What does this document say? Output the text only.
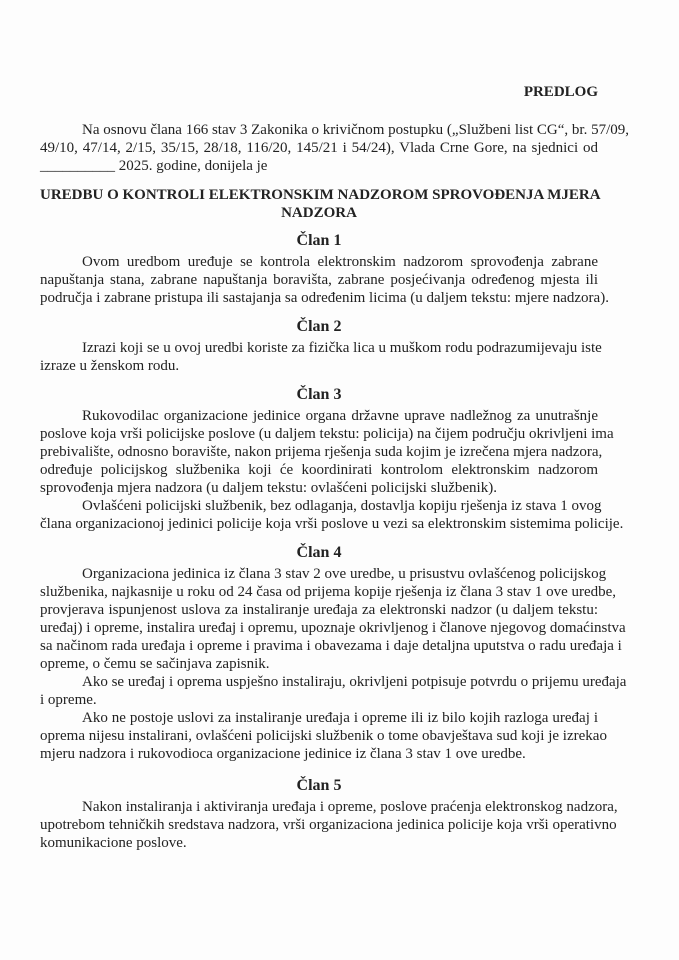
PREDLOG
Na osnovu člana 166 stav 3 Zakonika o krivičnom postupku („Službeni list CG“, br. 57/09,
49/10, 47/14, 2/15, 35/15, 28/18, 116/20, 145/21 i 54/24), Vlada Crne Gore, na sjednici od
__________ 2025. godine, donijela je
UREDBU O KONTROLI ELEKTRONSKIM NADZOROM SPROVOĐENJA MJERA
NADZORA
Član 1
Ovom uredbom uređuje se kontrola elektronskim nadzorom sprovođenja zabrane
napuštanja stana, zabrane napuštanja boravišta, zabrane posjećivanja određenog mjesta ili
područja i zabrane pristupa ili sastajanja sa određenim licima (u daljem tekstu: mjere nadzora).
Član 2
Izrazi koji se u ovoj uredbi koriste za fizička lica u muškom rodu podrazumijevaju iste
izraze u ženskom rodu.
Član 3
Rukovodilac organizacione jedinice organa državne uprave nadležnog za unutrašnje
poslove koja vrši policijske poslove (u daljem tekstu: policija) na čijem području okrivljeni ima
prebivalište, odnosno boravište, nakon prijema rješenja suda kojim je izrečena mjera nadzora,
određuje policijskog službenika koji će koordinirati kontrolom elektronskim nadzorom
sprovođenja mjera nadzora (u daljem tekstu: ovlašćeni policijski službenik).
Ovlašćeni policijski službenik, bez odlaganja, dostavlja kopiju rješenja iz stava 1 ovog
člana organizacionoj jedinici policije koja vrši poslove u vezi sa elektronskim sistemima policije.
Član 4
Organizaciona jedinica iz člana 3 stav 2 ove uredbe, u prisustvu ovlašćenog policijskog
službenika, najkasnije u roku od 24 časa od prijema kopije rješenja iz člana 3 stav 1 ove uredbe,
provjerava ispunjenost uslova za instaliranje uređaja za elektronski nadzor (u daljem tekstu:
uređaj) i opreme, instalira uređaj i opremu, upoznaje okrivljenog i članove njegovog domaćinstva
sa načinom rada uređaja i opreme i pravima i obavezama i daje detaljna uputstva o radu uređaja i
opreme, o čemu se sačinjava zapisnik.
Ako se uređaj i oprema uspješno instaliraju, okrivljeni potpisuje potvrdu o prijemu uređaja
i opreme.
Ako ne postoje uslovi za instaliranje uređaja i opreme ili iz bilo kojih razloga uređaj i
oprema nijesu instalirani, ovlašćeni policijski službenik o tome obavještava sud koji je izrekao
mjeru nadzora i rukovodioca organizacione jedinice iz člana 3 stav 1 ove uredbe.
Član 5
Nakon instaliranja i aktiviranja uređaja i opreme, poslove praćenja elektronskog nadzora,
upotrebom tehničkih sredstava nadzora, vrši organizaciona jedinica policije koja vrši operativno
komunikacione poslove.
